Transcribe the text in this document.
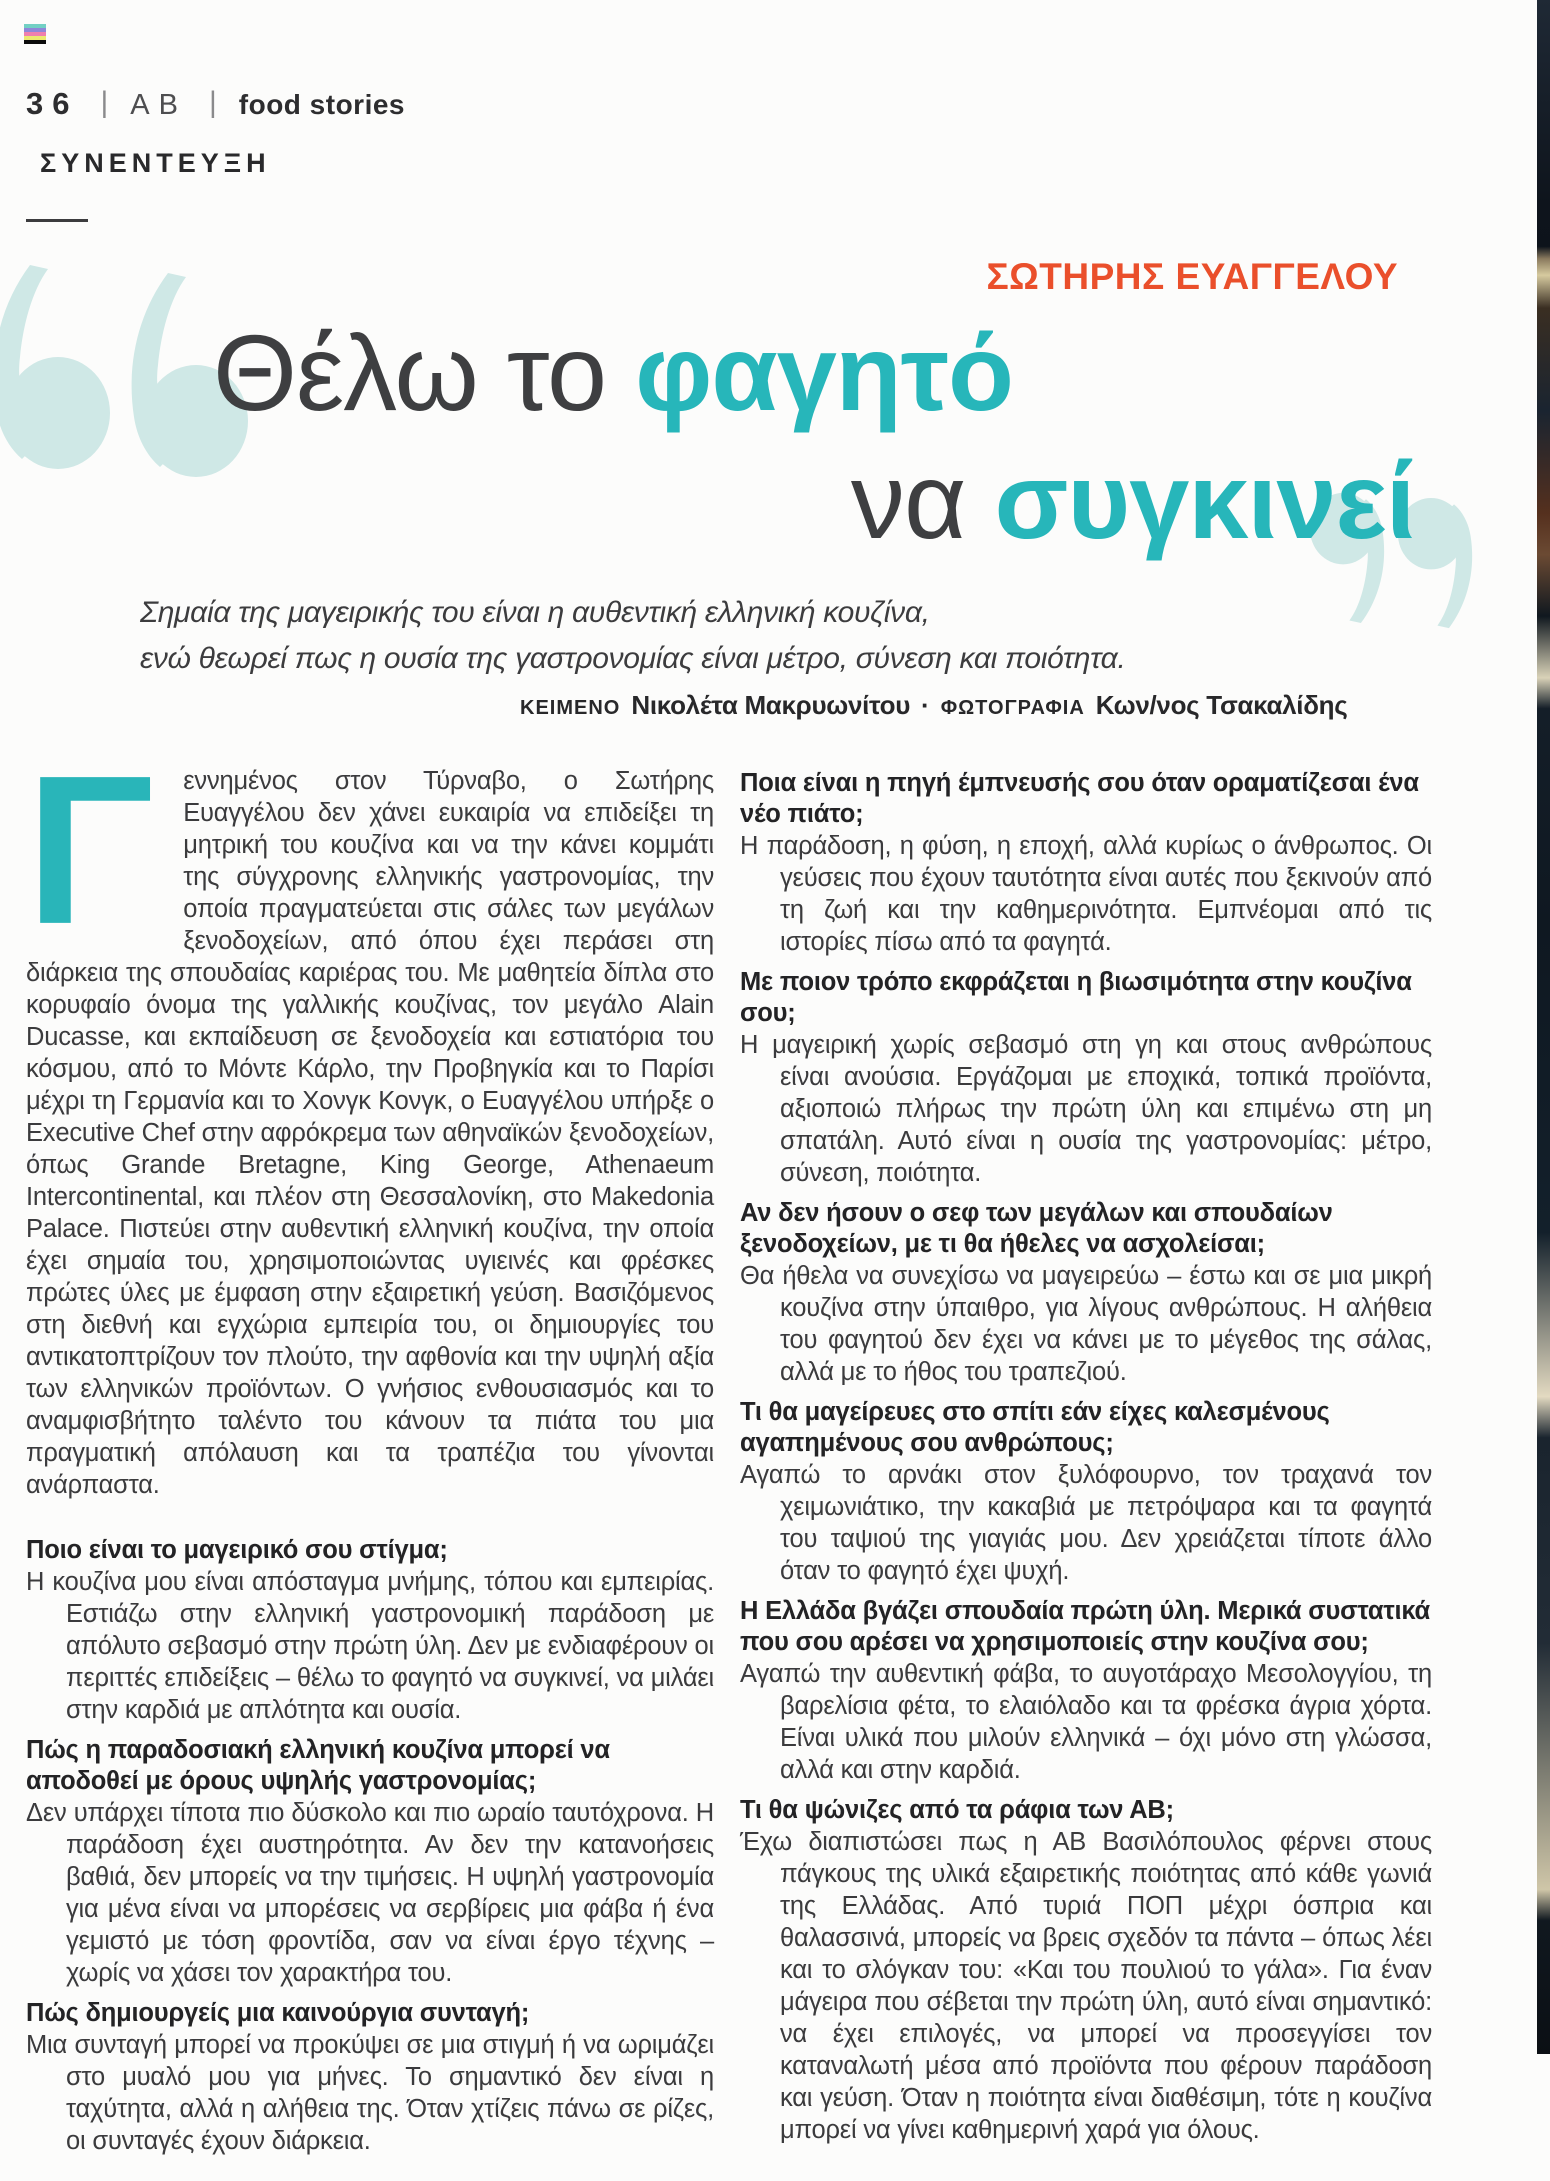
36 | AB | food stories
ΣΥΝΕΝΤΕΥΞΗ
ΣΩΤΗΡΗΣ ΕΥΑΓΓΕΛΟΥ
Θέλω το φαγητό
να συγκινεί
Σημαία της μαγειρικής του είναι η αυθεντική ελληνική κουζίνα,
ενώ θεωρεί πως η ουσία της γαστρονομίας είναι μέτρο, σύνεση και ποιότητα.
ΚΕΙΜΕΝΟ Νικολέτα Μακρυωνίτου · ΦΩΤΟΓΡΑΦΙΑ Κων/νος Τσακαλίδης

Γ εννημένος στον Τύρναβο, ο Σωτήρης Ευαγγέλου δεν χάνει ευκαιρία να επιδείξει τη μητρική του κουζίνα και να την κάνει κομμάτι της σύγχρονης ελληνικής γαστρονομίας, την οποία πραγματεύεται στις σάλες των μεγάλων ξενοδοχείων, από όπου έχει περάσει στη διάρκεια της σπουδαίας καριέρας του. Με μαθητεία δίπλα στο κορυφαίο όνομα της γαλλικής κουζίνας, τον μεγάλο Alain Ducasse, και εκπαίδευση σε ξενοδοχεία και εστιατόρια του κόσμου, από το Μόντε Κάρλο, την Προβηγκία και το Παρίσι μέχρι τη Γερμανία και το Χονγκ Κονγκ, ο Ευαγγέλου υπήρξε ο Executive Chef στην αφρόκρεμα των αθηναϊκών ξενοδοχείων, όπως Grande Bretagne, King George, Athenaeum Intercontinental, και πλέον στη Θεσσαλονίκη, στο Makedonia Palace. Πιστεύει στην αυθεντική ελληνική κουζίνα, την οποία έχει σημαία του, χρησιμοποιώντας υγιεινές και φρέσκες πρώτες ύλες με έμφαση στην εξαιρετική γεύση. Βασιζόμενος στη διεθνή και εγχώρια εμπειρία του, οι δημιουργίες του αντικατοπτρίζουν τον πλούτο, την αφθονία και την υψηλή αξία των ελληνικών προϊόντων. Ο γνήσιος ενθουσιασμός και το αναμφισβήτητο ταλέντο του κάνουν τα πιάτα του μια πραγματική απόλαυση και τα τραπέζια του γίνονται ανάρπαστα.

Ποιο είναι το μαγειρικό σου στίγμα;

Η κουζίνα μου είναι απόσταγμα μνήμης, τόπου και εμπειρίας. Εστιάζω στην ελληνική γαστρονομική παράδοση με απόλυτο σεβασμό στην πρώτη ύλη. Δεν με ενδιαφέρουν οι περιττές επιδείξεις – θέλω το φαγητό να συγκινεί, να μιλάει στην καρδιά με απλότητα και ουσία.

Πώς η παραδοσιακή ελληνική κουζίνα μπορεί να αποδοθεί με όρους υψηλής γαστρονομίας;

Δεν υπάρχει τίποτα πιο δύσκολο και πιο ωραίο ταυτόχρονα. Η παράδοση έχει αυστηρότητα. Αν δεν την κατανοήσεις βαθιά, δεν μπορείς να την τιμήσεις. Η υψηλή γαστρονομία για μένα είναι να μπορέσεις να σερβίρεις μια φάβα ή ένα γεμιστό με τόση φροντίδα, σαν να είναι έργο τέχνης – χωρίς να χάσει τον χαρακτήρα του.

Πώς δημιουργείς μια καινούργια συνταγή;

Μια συνταγή μπορεί να προκύψει σε μια στιγμή ή να ωριμάζει στο μυαλό μου για μήνες. Το σημαντικό δεν είναι η ταχύτητα, αλλά η αλήθεια της. Όταν χτίζεις πάνω σε ρίζες, οι συνταγές έχουν διάρκεια.

Ποια είναι η πηγή έμπνευσής σου όταν οραματίζεσαι ένα νέο πιάτο;

Η παράδοση, η φύση, η εποχή, αλλά κυρίως ο άνθρωπος. Οι γεύσεις που έχουν ταυτότητα είναι αυτές που ξεκινούν από τη ζωή και την καθημερινότητα. Εμπνέομαι από τις ιστορίες πίσω από τα φαγητά.

Με ποιον τρόπο εκφράζεται η βιωσιμότητα στην κουζίνα σου;

Η μαγειρική χωρίς σεβασμό στη γη και στους ανθρώπους είναι ανούσια. Εργάζομαι με εποχικά, τοπικά προϊόντα, αξιοποιώ πλήρως την πρώτη ύλη και επιμένω στη μη σπατάλη. Αυτό είναι η ουσία της γαστρονομίας: μέτρο, σύνεση, ποιότητα.

Αν δεν ήσουν ο σεφ των μεγάλων και σπουδαίων ξενοδοχείων, με τι θα ήθελες να ασχολείσαι;

Θα ήθελα να συνεχίσω να μαγειρεύω – έστω και σε μια μικρή κουζίνα στην ύπαιθρο, για λίγους ανθρώπους. Η αλήθεια του φαγητού δεν έχει να κάνει με το μέγεθος της σάλας, αλλά με το ήθος του τραπεζιού.

Τι θα μαγείρευες στο σπίτι εάν είχες καλεσμένους αγαπημένους σου ανθρώπους;

Αγαπώ το αρνάκι στον ξυλόφουρνο, τον τραχανά τον χειμωνιάτικο, την κακαβιά με πετρόψαρα και τα φαγητά του ταψιού της γιαγιάς μου. Δεν χρειάζεται τίποτε άλλο όταν το φαγητό έχει ψυχή.

Η Ελλάδα βγάζει σπουδαία πρώτη ύλη. Μερικά συστατικά που σου αρέσει να χρησιμοποιείς στην κουζίνα σου;

Αγαπώ την αυθεντική φάβα, το αυγοτάραχο Μεσολογγίου, τη βαρελίσια φέτα, το ελαιόλαδο και τα φρέσκα άγρια χόρτα. Είναι υλικά που μιλούν ελληνικά – όχι μόνο στη γλώσσα, αλλά και στην καρδιά.

Τι θα ψώνιζες από τα ράφια των ΑΒ;

Έχω διαπιστώσει πως η ΑΒ Βασιλόπουλος φέρνει στους πάγκους της υλικά εξαιρετικής ποιότητας από κάθε γωνιά της Ελλάδας. Από τυριά ΠΟΠ μέχρι όσπρια και θαλασσινά, μπορείς να βρεις σχεδόν τα πάντα – όπως λέει και το σλόγκαν του: «Και του πουλιού το γάλα». Για έναν μάγειρα που σέβεται την πρώτη ύλη, αυτό είναι σημαντικό: να έχει επιλογές, να μπορεί να προσεγγίσει τον καταναλωτή μέσα από προϊόντα που φέρουν παράδοση και γεύση. Όταν η ποιότητα είναι διαθέσιμη, τότε η κουζίνα μπορεί να γίνει καθημερινή χαρά για όλους.
